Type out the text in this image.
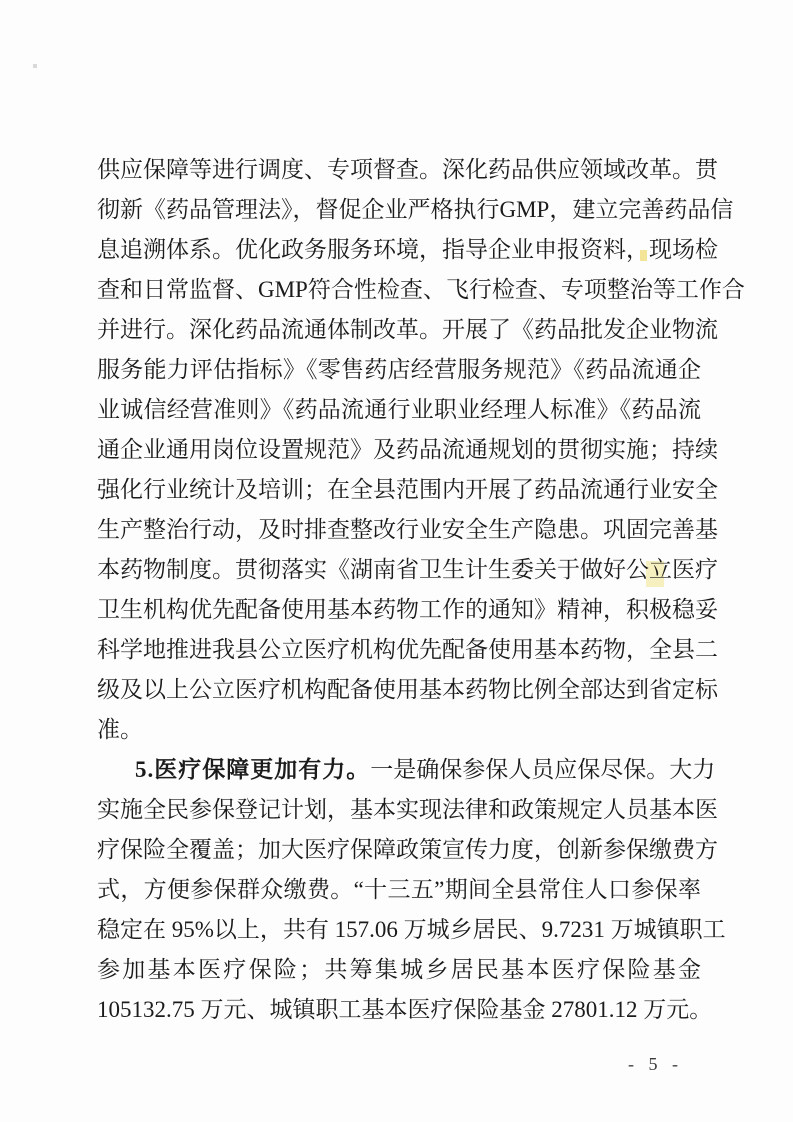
供应保障等进行调度、专项督查。深化药品供应领域改革。贯
彻新《药品管理法》，督促企业严格执行GMP，建立完善药品信
息追溯体系。优化政务服务环境，指导企业申报资料，现场检
查和日常监督、GMP符合性检查、飞行检查、专项整治等工作合
并进行。深化药品流通体制改革。开展了《药品批发企业物流
服务能力评估指标》《零售药店经营服务规范》《药品流通企
业诚信经营准则》《药品流通行业职业经理人标准》《药品流
通企业通用岗位设置规范》及药品流通规划的贯彻实施；持续
强化行业统计及培训；在全县范围内开展了药品流通行业安全
生产整治行动，及时排查整改行业安全生产隐患。巩固完善基
本药物制度。贯彻落实《湖南省卫生计生委关于做好公立医疗
卫生机构优先配备使用基本药物工作的通知》精神，积极稳妥
科学地推进我县公立医疗机构优先配备使用基本药物，全县二
级及以上公立医疗机构配备使用基本药物比例全部达到省定标
准。
5.医疗保障更加有力。一是确保参保人员应保尽保。大力
实施全民参保登记计划，基本实现法律和政策规定人员基本医
疗保险全覆盖；加大医疗保障政策宣传力度，创新参保缴费方
式，方便参保群众缴费。“十三五”期间全县常住人口参保率
稳定在 95%以上，共有 157.06 万城乡居民、9.7231 万城镇职工
参加基本医疗保险；共筹集城乡居民基本医疗保险基金
105132.75 万元、城镇职工基本医疗保险基金 27801.12 万元。
- 5 -
